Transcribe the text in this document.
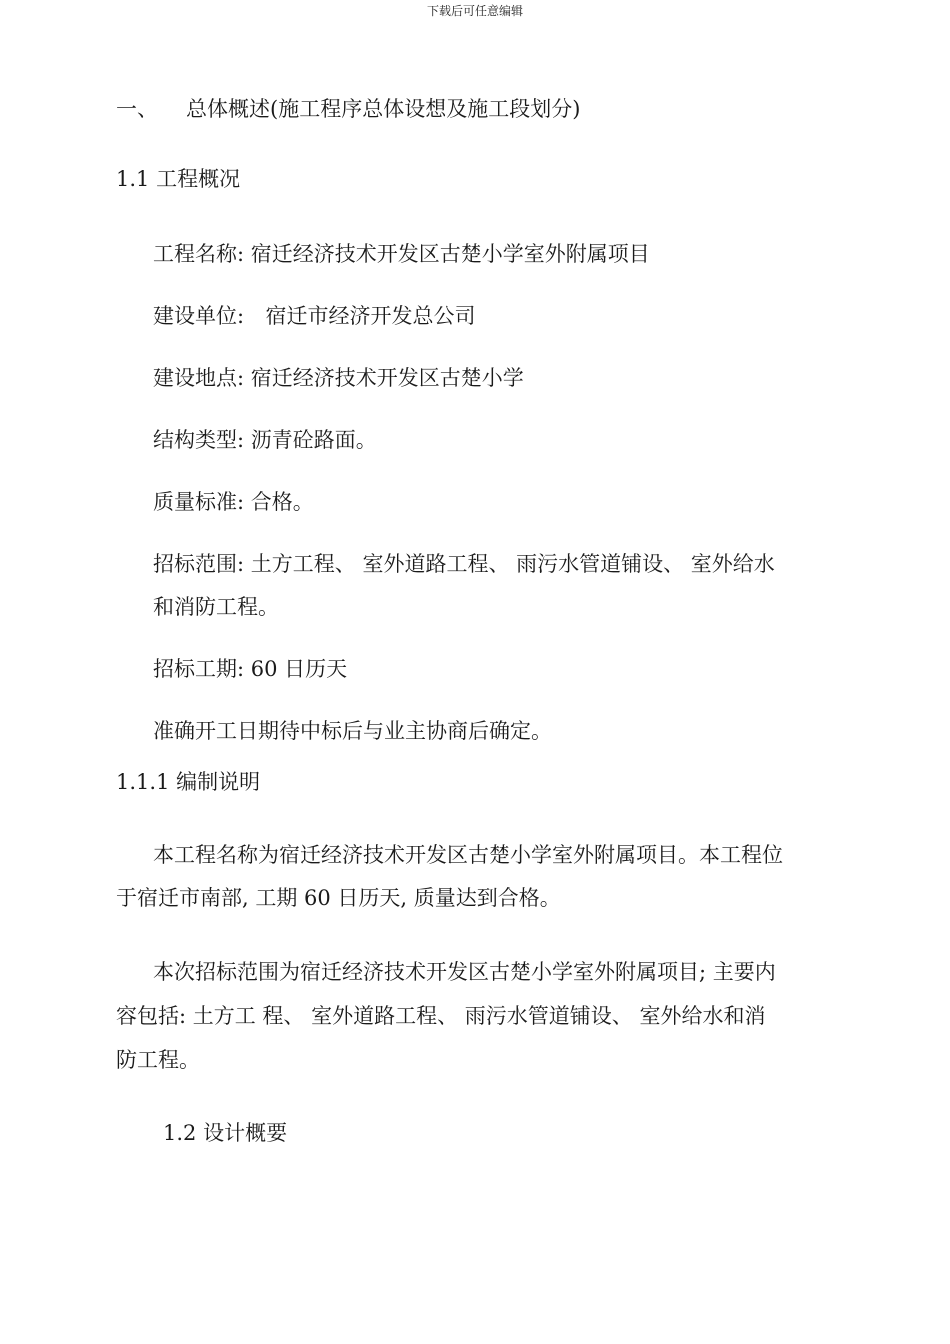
下载后可任意编辑
一、 总体概述(施工程序总体设想及施工段划分)
1.1 工程概况
工程名称: 宿迁经济技术开发区古楚小学室外附属项目
建设单位: 宿迁市经济开发总公司
建设地点: 宿迁经济技术开发区古楚小学
结构类型: 沥青砼路面。
质量标准: 合格。
招标范围: 土方工程、 室外道路工程、 雨污水管道铺设、 室外给水
和消防工程。
招标工期: 60 日历天
准确开工日期待中标后与业主协商后确定。
1.1.1 编制说明
本工程名称为宿迁经济技术开发区古楚小学室外附属项目。本工程位
于宿迁市南部, 工期 60 日历天, 质量达到合格。
本次招标范围为宿迁经济技术开发区古楚小学室外附属项目; 主要内
容包括: 土方工 程、 室外道路工程、 雨污水管道铺设、 室外给水和消
防工程。
1.2 设计概要
